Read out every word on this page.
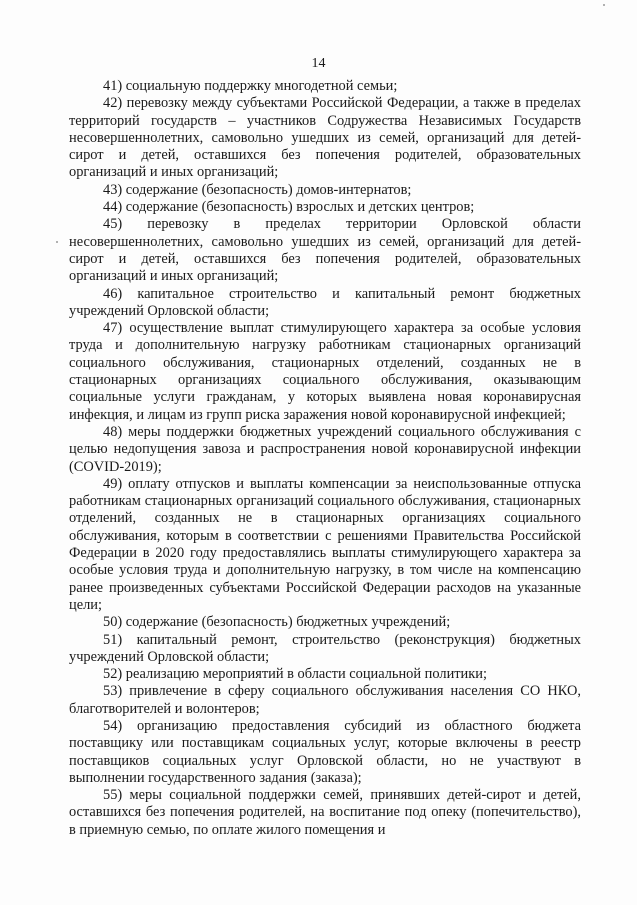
14

41) социальную поддержку многодетной семьи;

42) перевозку между субъектами Российской Федерации, а также в пределах территорий государств – участников Содружества Независимых Государств несовершеннолетних, самовольно ушедших из семей, организаций для детей-сирот и детей, оставшихся без попечения родителей, образовательных организаций и иных организаций;

43) содержание (безопасность) домов-интернатов;

44) содержание (безопасность) взрослых и детских центров;

45) перевозку в пределах территории Орловской области несовершеннолетних, самовольно ушедших из семей, организаций для детей-сирот и детей, оставшихся без попечения родителей, образовательных организаций и иных организаций;

46) капитальное строительство и капитальный ремонт бюджетных учреждений Орловской области;

47) осуществление выплат стимулирующего характера за особые условия труда и дополнительную нагрузку работникам стационарных организаций социального обслуживания, стационарных отделений, созданных не в стационарных организациях социального обслуживания, оказывающим социальные услуги гражданам, у которых выявлена новая коронавирусная инфекция, и лицам из групп риска заражения новой коронавирусной инфекцией;

48) меры поддержки бюджетных учреждений социального обслуживания с целью недопущения завоза и распространения новой коронавирусной инфекции (COVID-2019);

49) оплату отпусков и выплаты компенсации за неиспользованные отпуска работникам стационарных организаций социального обслуживания, стационарных отделений, созданных не в стационарных организациях социального обслуживания, которым в соответствии с решениями Правительства Российской Федерации в 2020 году предоставлялись выплаты стимулирующего характера за особые условия труда и дополнительную нагрузку, в том числе на компенсацию ранее произведенных субъектами Российской Федерации расходов на указанные цели;

50) содержание (безопасность) бюджетных учреждений;

51) капитальный ремонт, строительство (реконструкция) бюджетных учреждений Орловской области;

52) реализацию мероприятий в области социальной политики;

53) привлечение в сферу социального обслуживания населения СО НКО, благотворителей и волонтеров;

54) организацию предоставления субсидий из областного бюджета поставщику или поставщикам социальных услуг, которые включены в реестр поставщиков социальных услуг Орловской области, но не участвуют в выполнении государственного задания (заказа);

55) меры социальной поддержки семей, принявших детей-сирот и детей, оставшихся без попечения родителей, на воспитание под опеку (попечительство), в приемную семью, по оплате жилого помещения и
